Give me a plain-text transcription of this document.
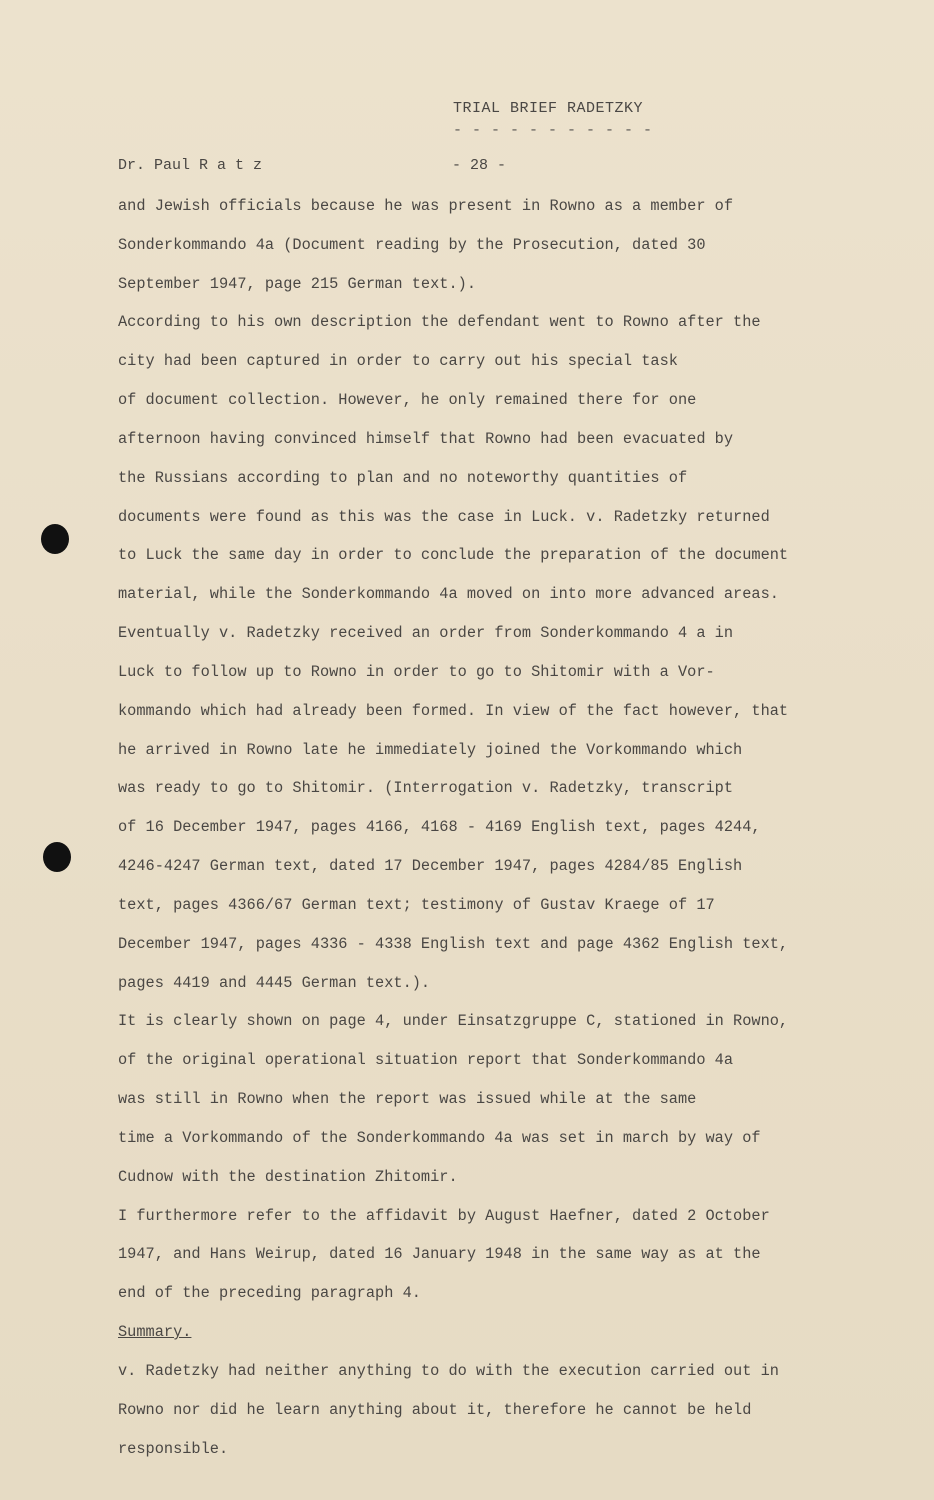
TRIAL BRIEF RADETZKY
- - - - - - - - - - -
Dr. Paul R a t z	- 28 -
and Jewish officials because he was present in Rowno as a member of
Sonderkommando 4a (Document reading by the Prosecution, dated 30
September 1947, page 215 German text.).
According to his own description the defendant went to Rowno after the
city had been captured in order to carry out his special task
of document collection. However, he only remained there for one
afternoon having convinced himself that Rowno had been evacuated by
the Russians according to plan and no noteworthy quantities of
documents were found as this was the case in Luck. v. Radetzky returned
to Luck the same day in order to conclude the preparation of the document
material, while the Sonderkommando 4a moved on into more advanced areas.
Eventually v. Radetzky received an order from Sonderkommando 4 a in
Luck to follow up to Rowno in order to go to Shitomir with a Vor-
kommando which had already been formed. In view of the fact however, that
he arrived in Rowno late he immediately joined the Vorkommando which
was ready to go to Shitomir. (Interrogation v. Radetzky, transcript
of 16 December 1947, pages 4166, 4168 - 4169 English text, pages 4244,
4246-4247 German text, dated 17 December 1947, pages 4284/85 English
text, pages 4366/67 German text; testimony of Gustav Kraege of 17
December 1947, pages 4336 - 4338 English text and page 4362 English text,
pages 4419 and 4445 German text.).
It is clearly shown on page 4, under Einsatzgruppe C, stationed in Rowno,
of the original operational situation report that Sonderkommando 4a
was still in Rowno when the report was issued while at the same
time a Vorkommando of the Sonderkommando 4a was set in march by way of
Cudnow with the destination Zhitomir.
I furthermore refer to the affidavit by August Haefner, dated 2 October
1947, and Hans Weirup, dated 16 January 1948 in the same way as at the
end of the preceding paragraph 4.
Summary.
v. Radetzky had neither anything to do with the execution carried out in
Rowno nor did he learn anything about it, therefore he cannot be held
responsible.
